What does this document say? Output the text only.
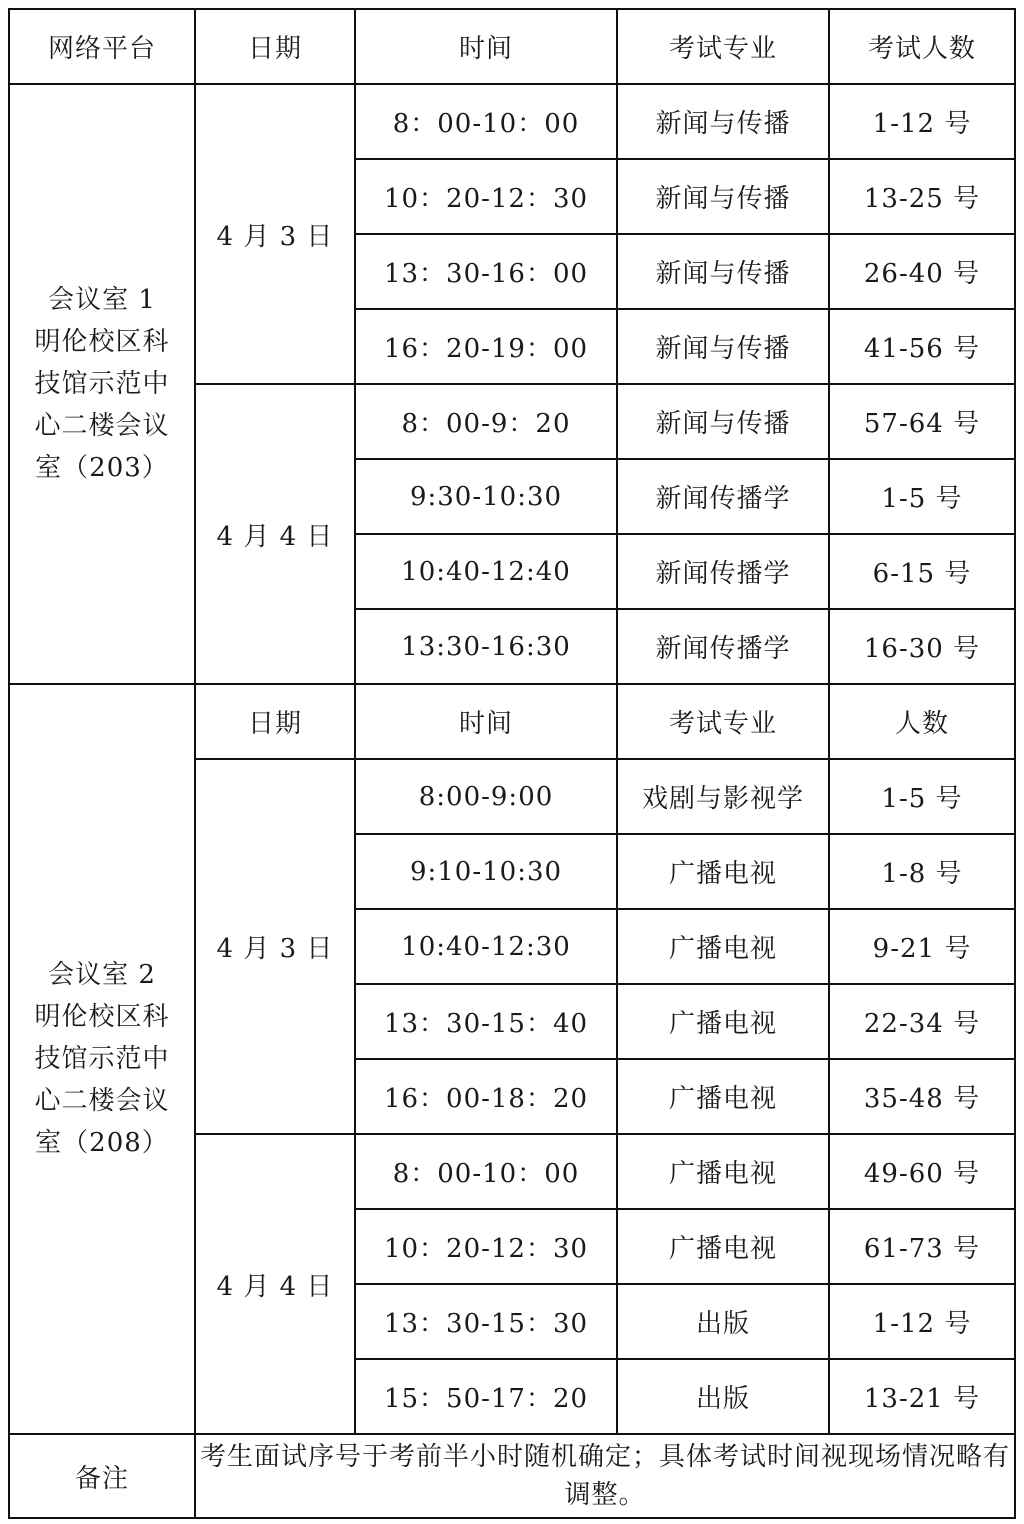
网络平台	日期	时间	考试专业	考试人数

会议室 1
明伦校区科
技馆示范中
心二楼会议
室（203）	4 月 3 日	8：00-10：00	新闻与传播	1-12 号
		10：20-12：30	新闻与传播	13-25 号
		13：30-16：00	新闻与传播	26-40 号
		16：20-19：00	新闻与传播	41-56 号
	4 月 4 日	8：00-9：20	新闻与传播	57-64 号
		9:30-10:30	新闻传播学	1-5 号
		10:40-12:40	新闻传播学	6-15 号
		13:30-16:30	新闻传播学	16-30 号

会议室 2
明伦校区科
技馆示范中
心二楼会议
室（208）	日期	时间	考试专业	人数
	4 月 3 日	8:00-9:00	戏剧与影视学	1-5 号
		9:10-10:30	广播电视	1-8 号
		10:40-12:30	广播电视	9-21 号
		13：30-15：40	广播电视	22-34 号
		16：00-18：20	广播电视	35-48 号
	4 月 4 日	8：00-10：00	广播电视	49-60 号
		10：20-12：30	广播电视	61-73 号
		13：30-15：30	出版	1-12 号
		15：50-17：20	出版	13-21 号
备注	考生面试序号于考前半小时随机确定；具体考试时间视现场情况略有调整。			
